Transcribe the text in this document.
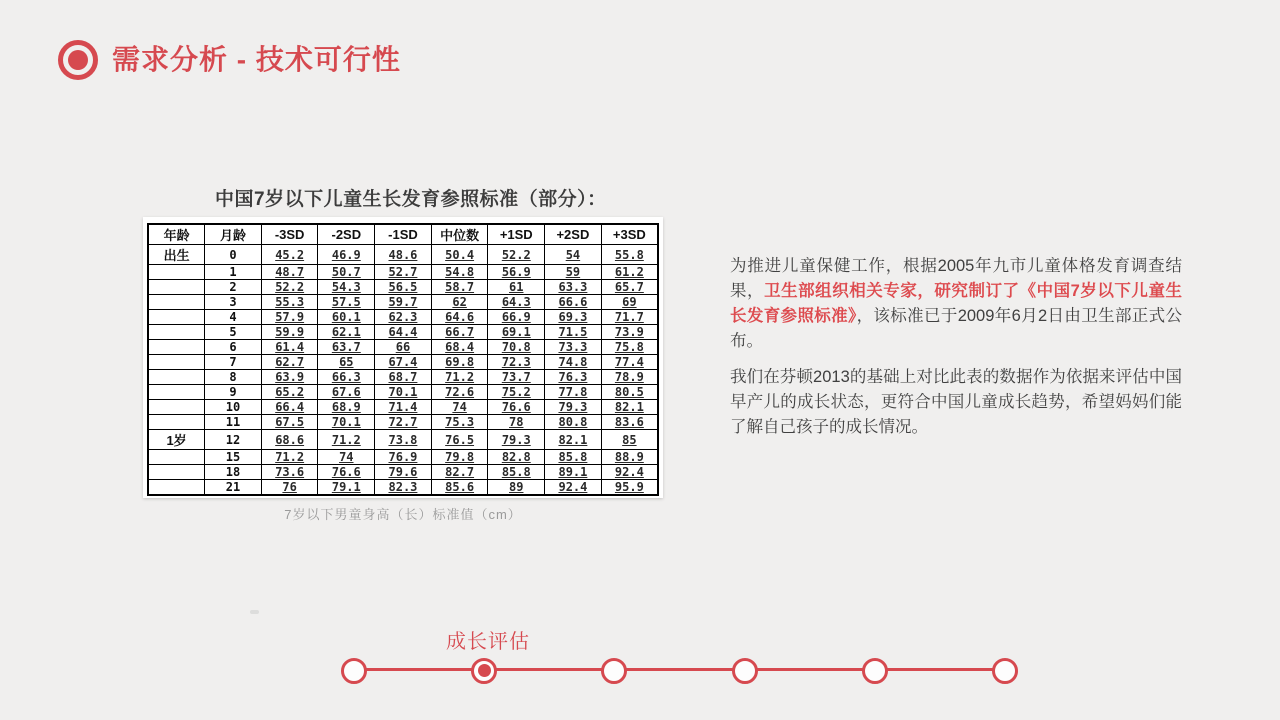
需求分析 - 技术可行性
中国7岁以下儿童生长发育参照标准（部分）：
年龄	月龄	-3SD	-2SD	-1SD	中位数	+1SD	+2SD	+3SD
出生	0	45.2	46.9	48.6	50.4	52.2	54	55.8
	1	48.7	50.7	52.7	54.8	56.9	59	61.2
	2	52.2	54.3	56.5	58.7	61	63.3	65.7
	3	55.3	57.5	59.7	62	64.3	66.6	69
	4	57.9	60.1	62.3	64.6	66.9	69.3	71.7
	5	59.9	62.1	64.4	66.7	69.1	71.5	73.9
	6	61.4	63.7	66	68.4	70.8	73.3	75.8
	7	62.7	65	67.4	69.8	72.3	74.8	77.4
	8	63.9	66.3	68.7	71.2	73.7	76.3	78.9
	9	65.2	67.6	70.1	72.6	75.2	77.8	80.5
	10	66.4	68.9	71.4	74	76.6	79.3	82.1
	11	67.5	70.1	72.7	75.3	78	80.8	83.6
1岁	12	68.6	71.2	73.8	76.5	79.3	82.1	85
	15	71.2	74	76.9	79.8	82.8	85.8	88.9
	18	73.6	76.6	79.6	82.7	85.8	89.1	92.4
	21	76	79.1	82.3	85.6	89	92.4	95.9
7岁以下男童身高（长）标准值（cm）

为推进儿童保健工作，根据2005年九市儿童体格发育调查结果，卫生部组织相关专家，研究制订了《中国7岁以下儿童生长发育参照标准》，该标准已于2009年6月2日由卫生部正式公布。

我们在芬顿2013的基础上对比此表的数据作为依据来评估中国早产儿的成长状态，更符合中国儿童成长趋势，希望妈妈们能了解自己孩子的成长情况。

成长评估
